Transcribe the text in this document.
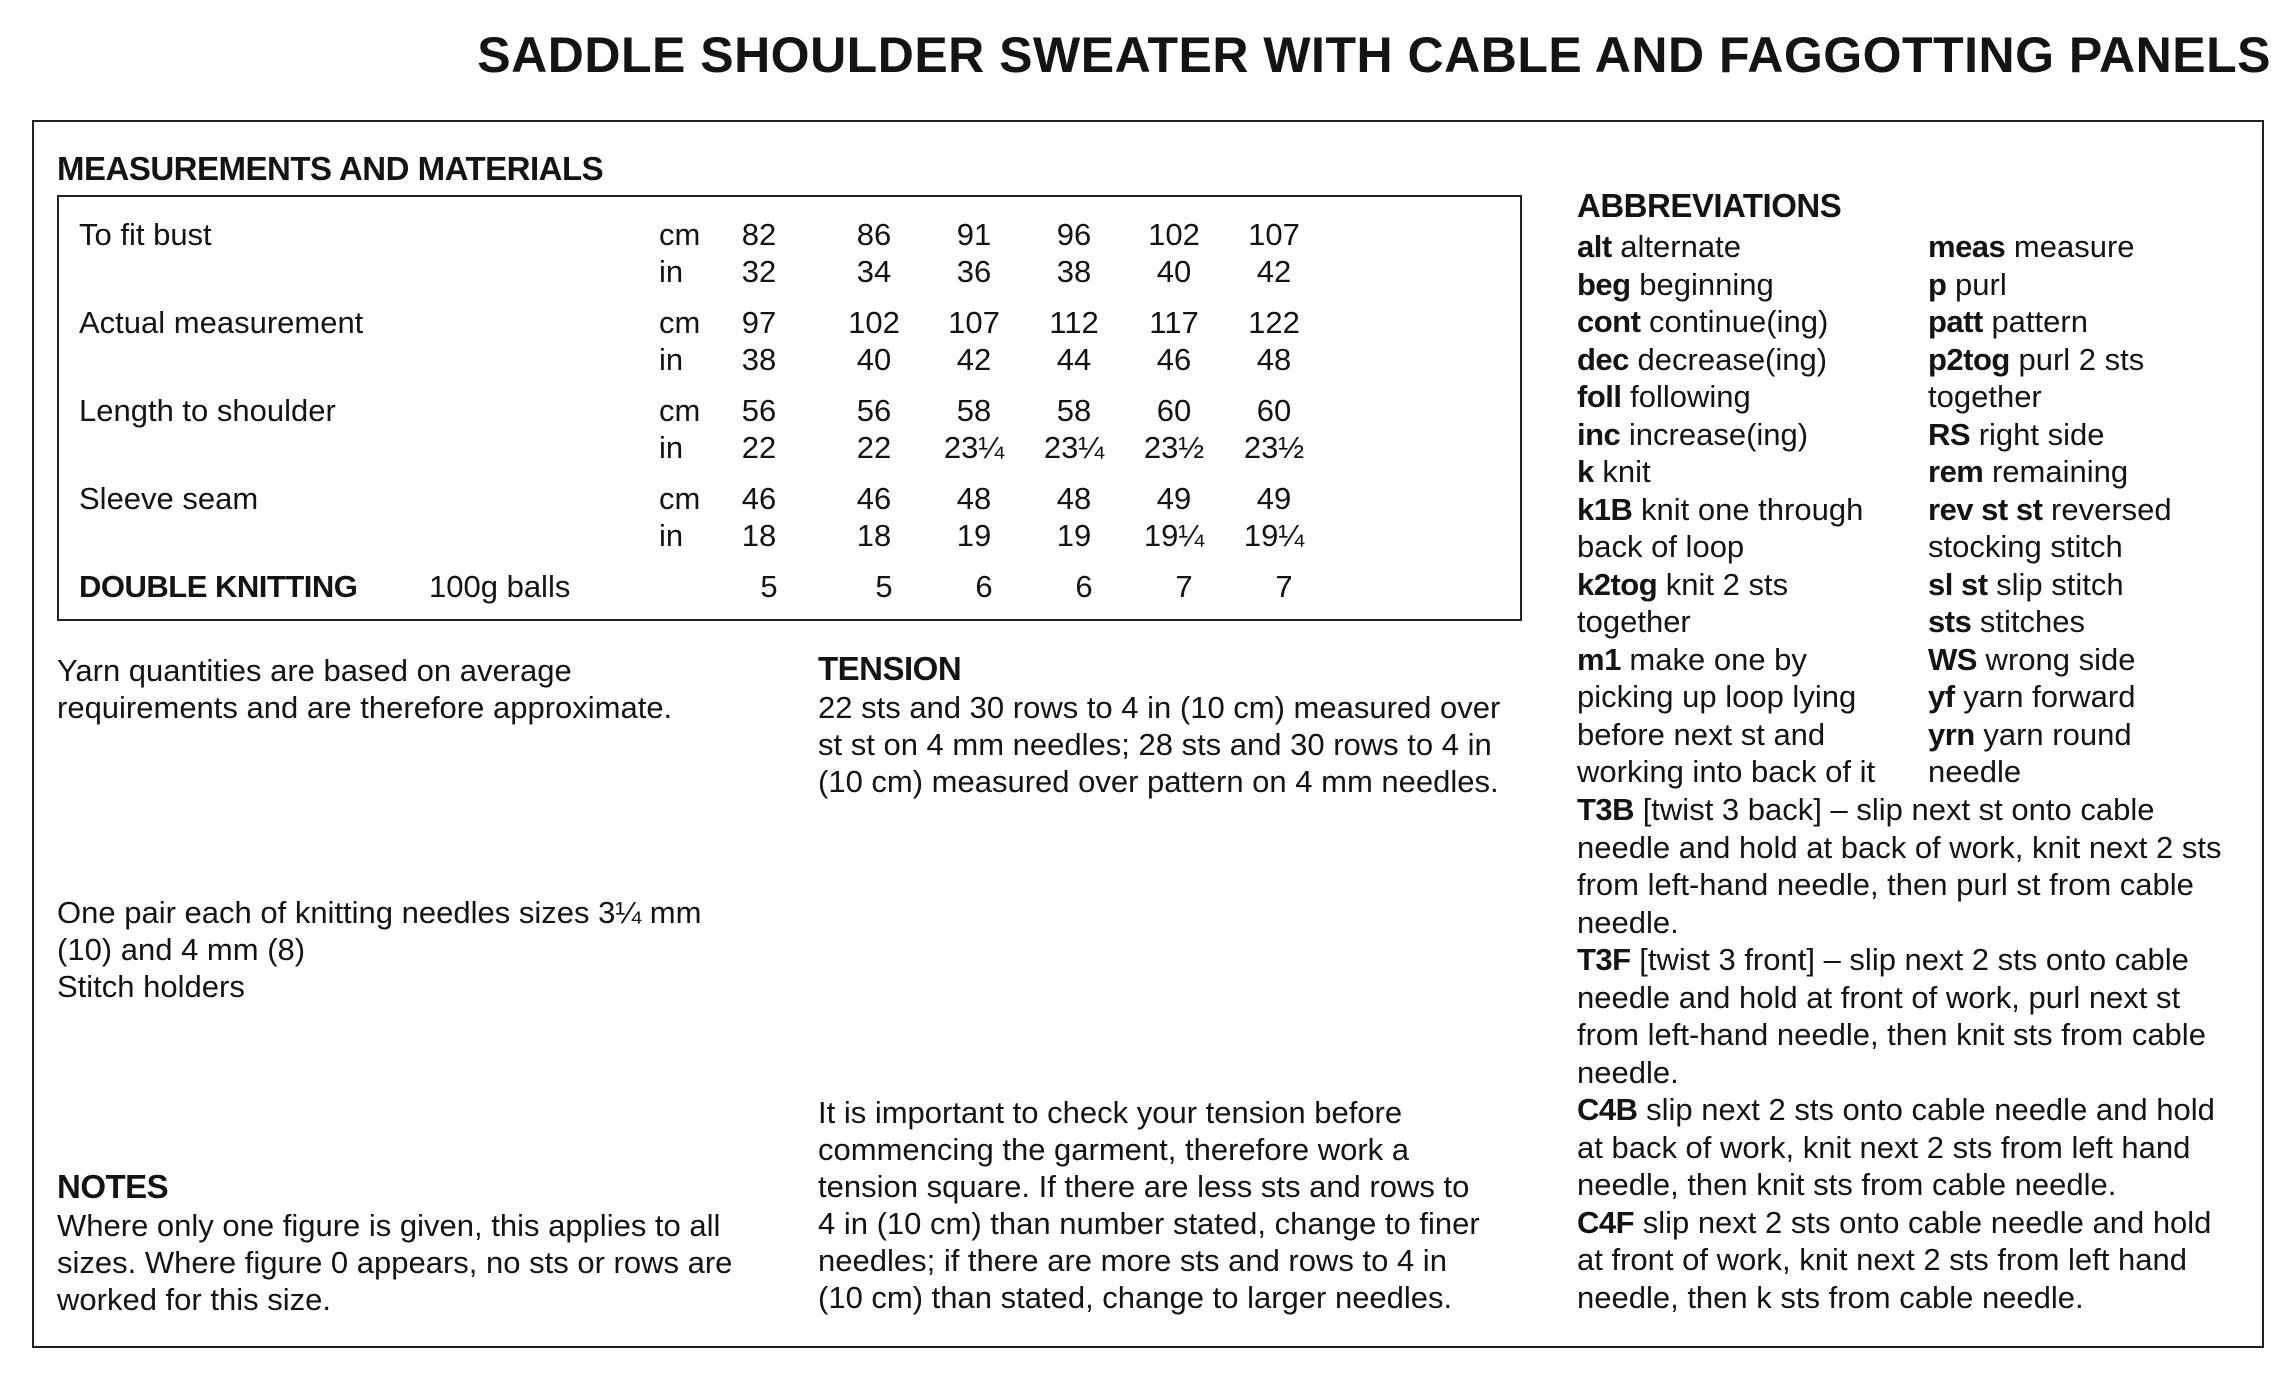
SADDLE SHOULDER SWEATER WITH CABLE AND FAGGOTTING PANELS
MEASUREMENTS AND MATERIALS
To fit bust	cm	82	86	91	96	102	107
in	32	34	36	38	40	42
Actual measurement	cm	97	102	107	112	117	122
in	38	40	42	44	46	48
Length to shoulder	cm	56	56	58	58	60	60
in	22	22	23¼	23¼	23½	23½
Sleeve seam	cm	46	46	48	48	49	49
in	18	18	19	19	19¼	19¼
DOUBLE KNITTING 100g balls	5	5	6	6	7	7

Yarn quantities are based on average

requirements and are therefore approximate.

One pair each of knitting needles sizes 3¼ mm

(10) and 4 mm (8)

Stitch holders

NOTES

Where only one figure is given, this applies to all

sizes. Where figure 0 appears, no sts or rows are

worked for this size.

TENSION

22 sts and 30 rows to 4 in (10 cm) measured over

st st on 4 mm needles; 28 sts and 30 rows to 4 in

(10 cm) measured over pattern on 4 mm needles.

It is important to check your tension before

commencing the garment, therefore work a

tension square. If there are less sts and rows to

4 in (10 cm) than number stated, change to finer

needles; if there are more sts and rows to 4 in

(10 cm) than stated, change to larger needles.

ABBREVIATIONS
alt alternate
beg beginning
cont continue(ing)
dec decrease(ing)
foll following
inc increase(ing)
k knit
k1B knit one through
back of loop
k2tog knit 2 sts
together
m1 make one by
picking up loop lying
before next st and
working into back of it
meas measure
p purl
patt pattern
p2tog purl 2 sts
together
RS right side
rem remaining
rev st st reversed
stocking stitch
sl st slip stitch
sts stitches
WS wrong side
yf yarn forward
yrn yarn round
needle
T3B [twist 3 back] – slip next st onto cable
needle and hold at back of work, knit next 2 sts
from left-hand needle, then purl st from cable
needle.
T3F [twist 3 front] – slip next 2 sts onto cable
needle and hold at front of work, purl next st
from left-hand needle, then knit sts from cable
needle.
C4B slip next 2 sts onto cable needle and hold
at back of work, knit next 2 sts from left hand
needle, then knit sts from cable needle.
C4F slip next 2 sts onto cable needle and hold
at front of work, knit next 2 sts from left hand
needle, then k sts from cable needle.
